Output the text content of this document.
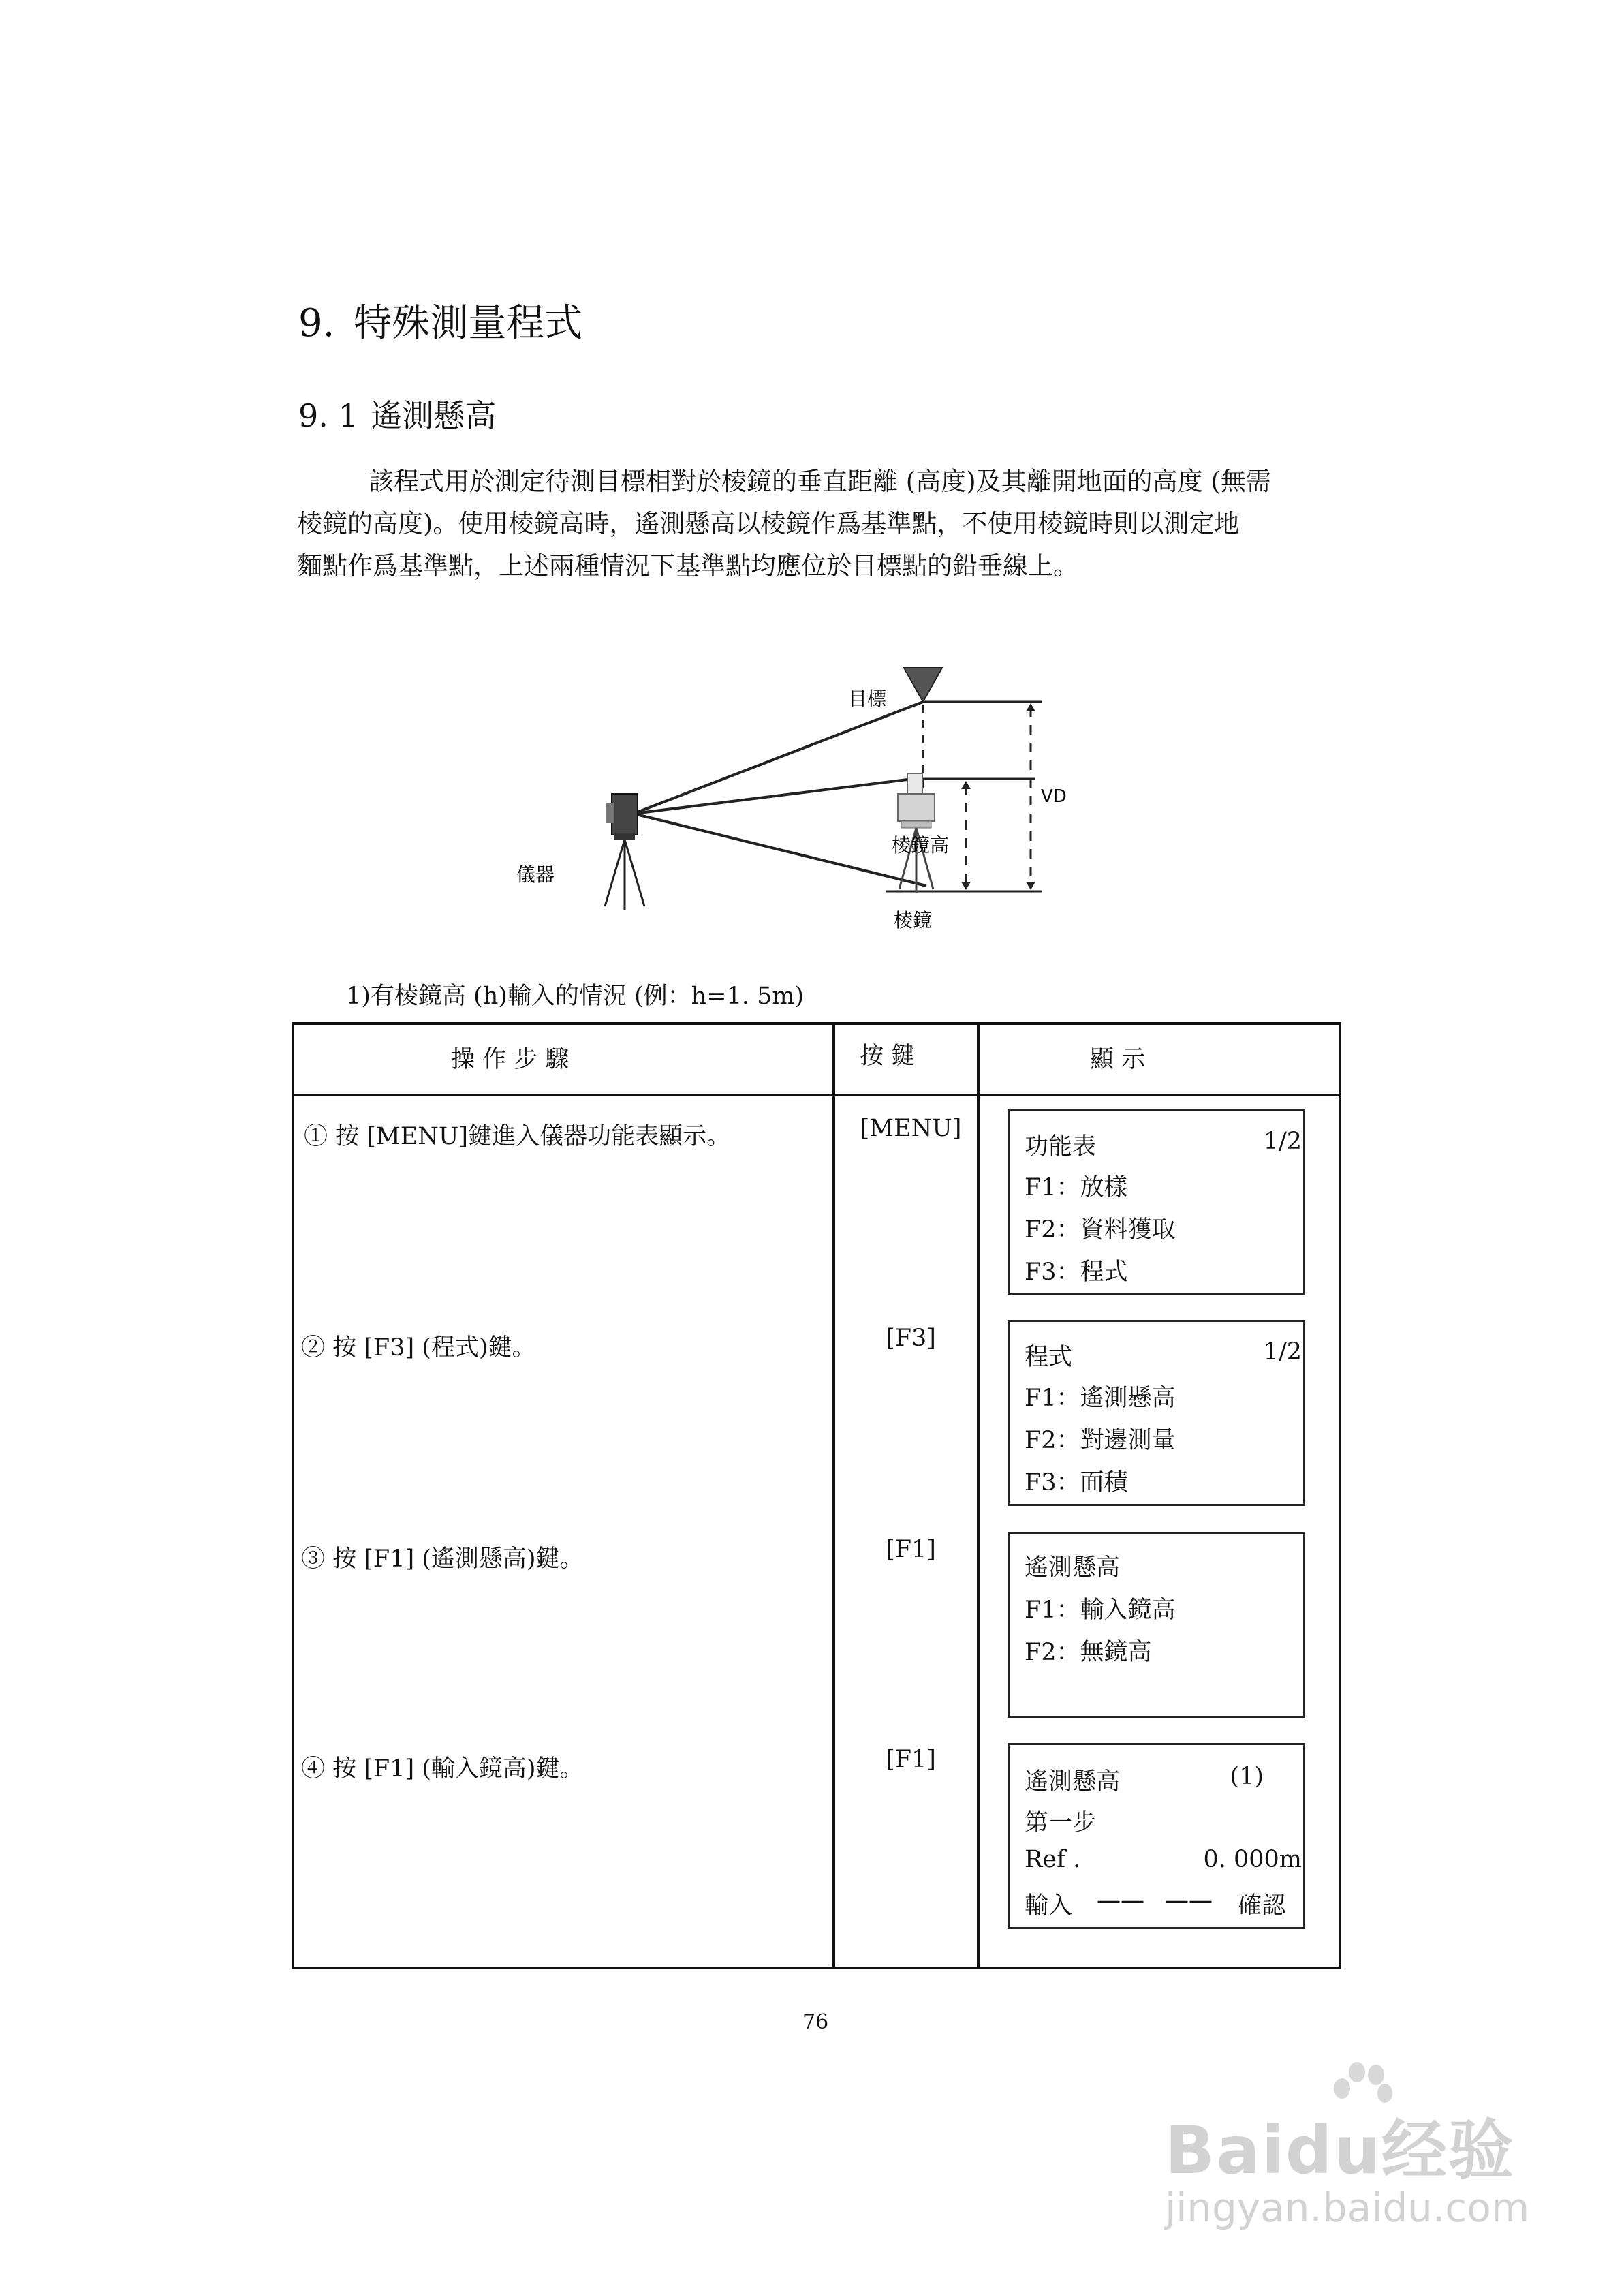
9. 特殊測量程式
9. 1 遙測懸高
該程式用於測定待測目標相對於棱鏡的垂直距離 (高度)及其離開地面的高度 (無需
棱鏡的高度)。使用棱鏡高時，遙測懸高以棱鏡作爲基準點，不使用棱鏡時則以測定地
麵點作爲基準點，上述兩種情況下基準點均應位於目標點的鉛垂線上。
目標
儀器
棱鏡
棱鏡高
VD
1)有棱鏡高 (h)輸入的情況 (例：h=1. 5m)
操 作 步 驟	按 鍵	顯 示
① 按 [MENU]鍵進入儀器功能表顯示。	[MENU]
功能表	1/2
F1：放樣
F2：資料獲取
F3：程式
② 按 [F3] (程式)鍵。	[F3]
程式	1/2
F1：遙測懸高
F2：對邊測量
F3：面積
③ 按 [F1] (遙測懸高)鍵。	[F1]
遙測懸高
F1：輸入鏡高
F2：無鏡高
④ 按 [F1] (輸入鏡高)鍵。	[F1]
遙測懸高	(1)
第一步
Ref .	0. 000m
輸入 —— —— 確認
76
Baidu经验
jingyan.baidu.com
